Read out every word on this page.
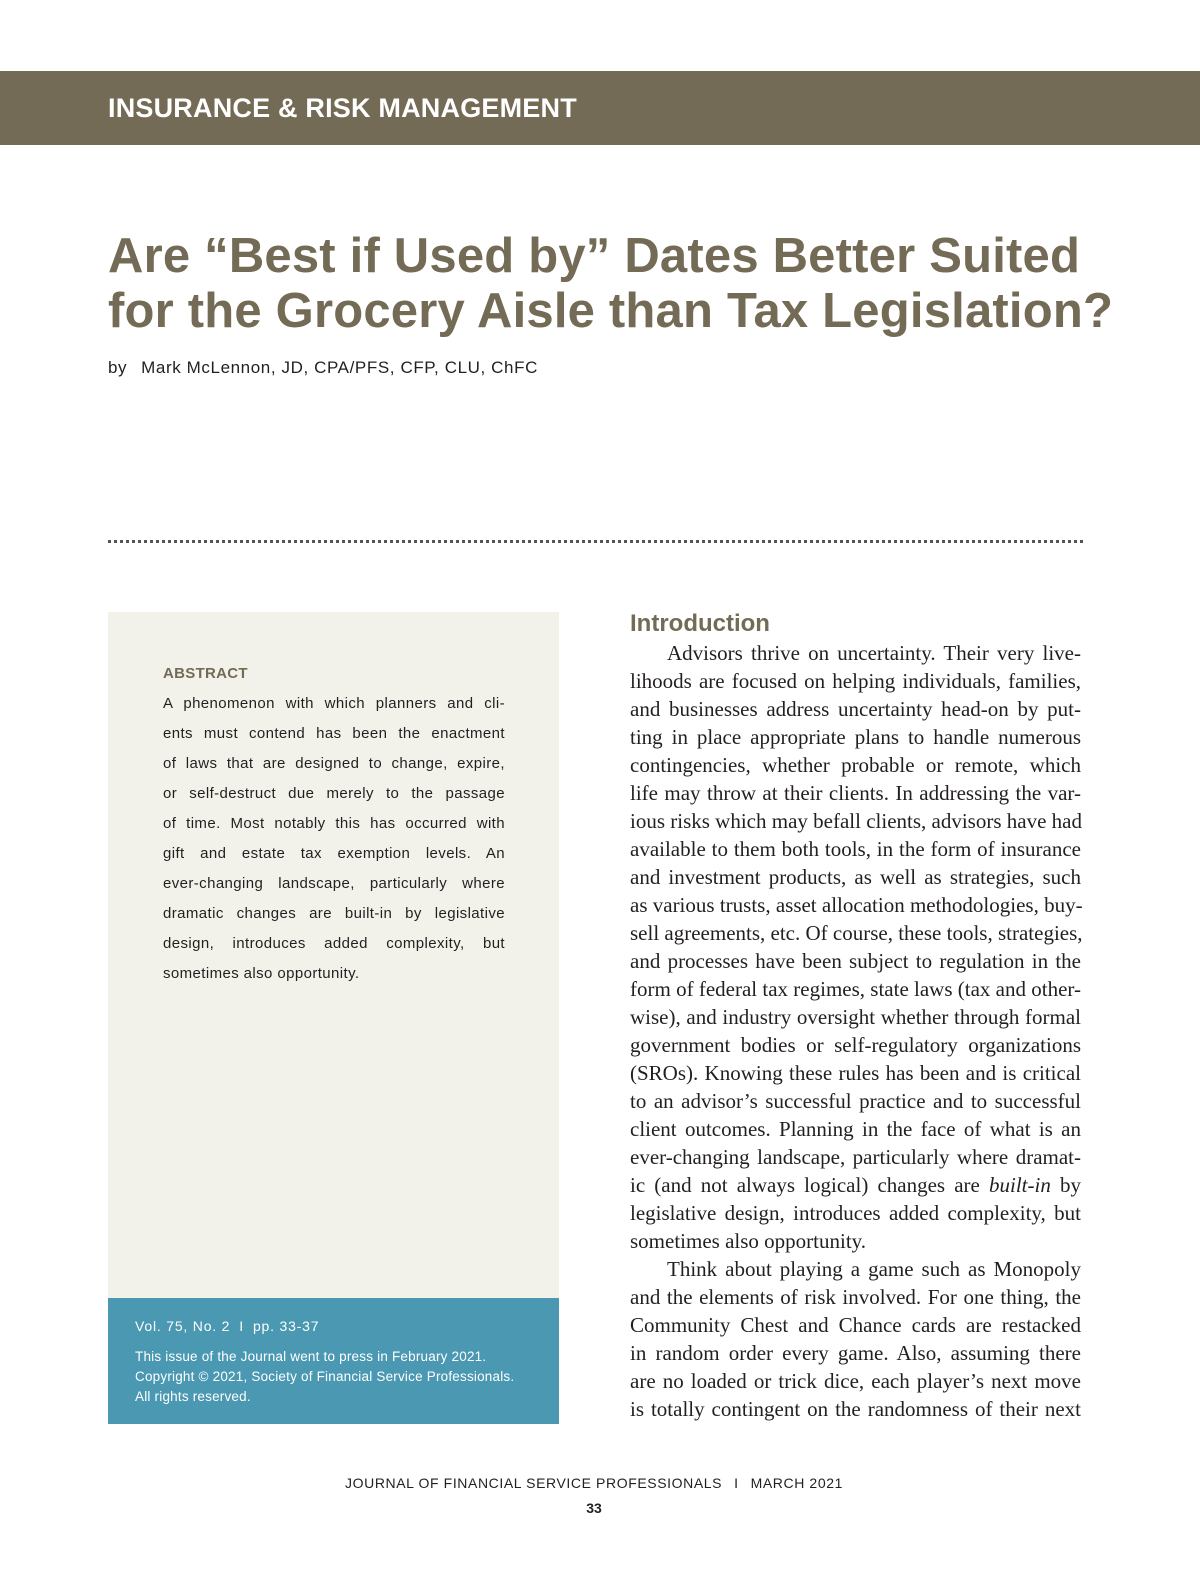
INSURANCE & RISK MANAGEMENT
Are “Best if Used by” Dates Better Suited
for the Grocery Aisle than Tax Legislation?
by Mark McLennon, JD, CPA/PFS, CFP, CLU, ChFC
ABSTRACT
A phenomenon with which planners and cli-
ents must contend has been the enactment
of laws that are designed to change, expire,
or self-destruct due merely to the passage
of time. Most notably this has occurred with
gift and estate tax exemption levels. An
ever-changing landscape, particularly where
dramatic changes are built-in by legislative
design, introduces added complexity, but
sometimes also opportunity.
Vol. 75, No. 2 I pp. 33-37
This issue of the Journal went to press in February 2021.
Copyright © 2021, Society of Financial Service Professionals.
All rights reserved.
Introduction
Advisors thrive on uncertainty. Their very live-
lihoods are focused on helping individuals, families,
and businesses address uncertainty head-on by put-
ting in place appropriate plans to handle numerous
contingencies, whether probable or remote, which
life may throw at their clients. In addressing the var-
ious risks which may befall clients, advisors have had
available to them both tools, in the form of insurance
and investment products, as well as strategies, such
as various trusts, asset allocation methodologies, buy-
sell agreements, etc. Of course, these tools, strategies,
and processes have been subject to regulation in the
form of federal tax regimes, state laws (tax and other-
wise), and industry oversight whether through formal
government bodies or self-regulatory organizations
(SROs). Knowing these rules has been and is critical
to an advisor’s successful practice and to successful
client outcomes. Planning in the face of what is an
ever-changing landscape, particularly where dramat-
ic (and not always logical) changes are built-in by
legislative design, introduces added complexity, but
sometimes also opportunity.
Think about playing a game such as Monopoly
and the elements of risk involved. For one thing, the
Community Chest and Chance cards are restacked
in random order every game. Also, assuming there
are no loaded or trick dice, each player’s next move
is totally contingent on the randomness of their next
JOURNAL OF FINANCIAL SERVICE PROFESSIONALS I MARCH 2021
33
